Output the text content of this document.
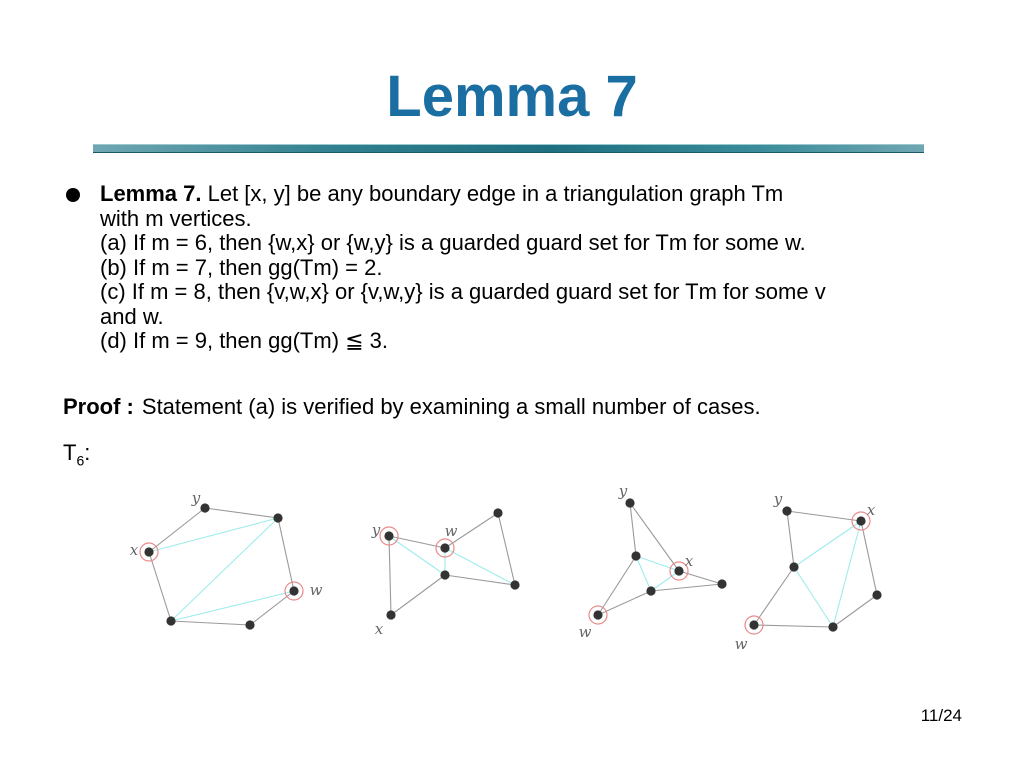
Lemma 7
Lemma 7. Let [x, y] be any boundary edge in a triangulation graph Tm
with m vertices.
(a) If m = 6, then {w,x} or {w,y} is a guarded guard set for Tm for some w.
(b) If m = 7, then gg(Tm) = 2.
(c) If m = 8, then {v,w,x} or {v,w,y} is a guarded guard set for Tm for some v
and w.
(d) If m = 9, then gg(Tm) ≦ 3.
Proof : Statement (a) is verified by examining a small number of cases.
$T_6$:
y
x
w
y	w
x
y
x
w
y
x
w
11/24
